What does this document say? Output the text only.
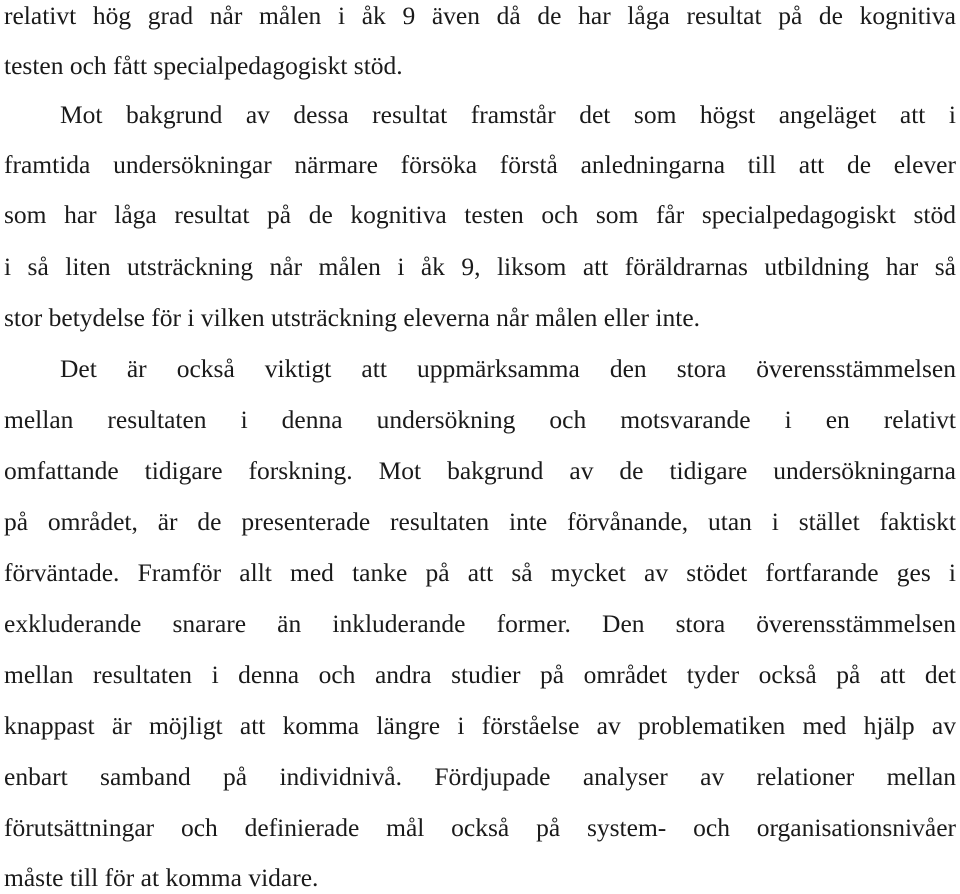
relativt hög grad når målen i åk 9 även då de har låga resultat på de kognitiva
testen och fått specialpedagogiskt stöd.
Mot bakgrund av dessa resultat framstår det som högst angeläget att i
framtida undersökningar närmare försöka förstå anledningarna till att de elever
som har låga resultat på de kognitiva testen och som får specialpedagogiskt stöd
i så liten utsträckning når målen i åk 9, liksom att föräldrarnas utbildning har så
stor betydelse för i vilken utsträckning eleverna når målen eller inte.
Det är också viktigt att uppmärksamma den stora överensstämmelsen
mellan resultaten i denna undersökning och motsvarande i en relativt
omfattande tidigare forskning. Mot bakgrund av de tidigare undersökningarna
på området, är de presenterade resultaten inte förvånande, utan i stället faktiskt
förväntade. Framför allt med tanke på att så mycket av stödet fortfarande ges i
exkluderande snarare än inkluderande former. Den stora överensstämmelsen
mellan resultaten i denna och andra studier på området tyder också på att det
knappast är möjligt att komma längre i förståelse av problematiken med hjälp av
enbart samband på individnivå. Fördjupade analyser av relationer mellan
förutsättningar och definierade mål också på system- och organisationsnivåer
måste till för at komma vidare.
